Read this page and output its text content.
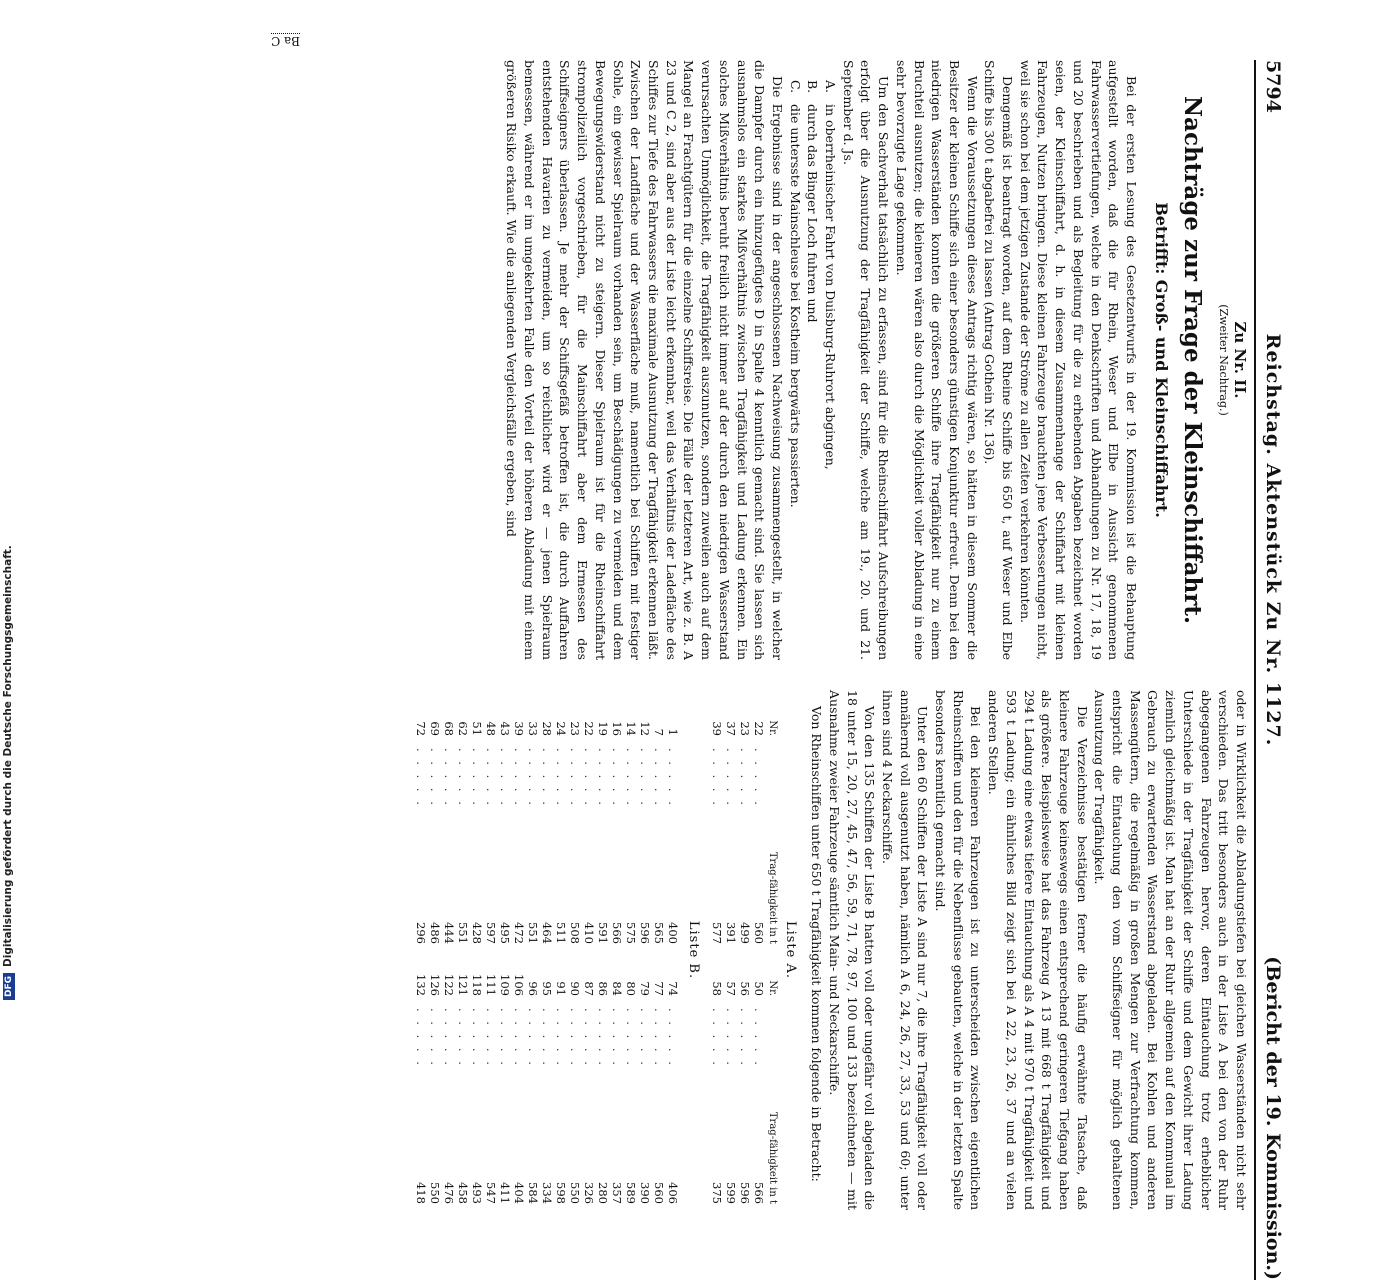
5794
Reichstag. Aktenstück Zu Nr. 1127.
(Bericht der 19. Kommission.)
Zu Nr. II.
(Zweiter Nachtrag.)
Nachträge zur Frage der Kleinschiffahrt.
Betrifft: Groß- und Kleinschiffahrt.

Bei der ersten Lesung des Gesetzentwurfs in der 19. Kommission ist die Behauptung aufgestellt worden, daß die für Rhein, Weser und Elbe in Aussicht genommenen Fahrwasservertiefungen, welche in den Denkschriften und Abhandlungen zu Nr. 17, 18, 19 und 20 beschrieben und als Begleitung für die zu erhebenden Abgaben bezeichnet worden seien, der Kleinschiffahrt, d. h. in diesem Zusammenhange der Schiffahrt mit kleinen Fahrzeugen, Nutzen bringen. Diese kleinen Fahrzeuge brauchten jene Verbesserungen nicht, weil sie schon bei dem jetzigen Zustande der Ströme zu allen Zeiten verkehren könnten.

Demgemäß ist beantragt worden, auf dem Rheine Schiffe bis 650 t, auf Weser und Elbe Schiffe bis 300 t abgabefrei zu lassen (Antrag Gothein Nr. 136).

Wenn die Voraussetzungen dieses Antrags richtig wären, so hätten in diesem Sommer die Besitzer der kleinen Schiffe sich einer besonders günstigen Konjunktur erfreut. Denn bei den niedrigen Wasserständen konnten die größeren Schiffe ihre Tragfähigkeit nur zu einem Bruchteil ausnutzen; die kleineren wären also durch die Möglichkeit voller Abladung in eine sehr bevorzugte Lage gekommen.

Um den Sachverhalt tatsächlich zu erfassen, sind für die Rheinschiffahrt Aufschreibungen erfolgt über die Ausnutzung der Tragfähigkeit der Schiffe, welche am 19., 20. und 21. September d. Js.

A.
in oberrheinischer Fahrt von Duisburg-Ruhrort abgingen,
B.
durch das Binger Loch fuhren und
C.
die untersste Mainschleuse bei Kostheim bergwärts passierten.

Die Ergebnisse sind in der angeschlossenen Nachweisung zusammengestellt, in welcher die Dampfer durch ein hinzugefügtes D in Spalte 4 kenntlich gemacht sind. Sie lassen sich ausnahmslos ein starkes Mißverhältnis zwischen Tragfähigkeit und Ladung erkennen. Ein solches Mißverhältnis beruht freilich nicht immer auf der durch den niedrigen Wasserstand verursachten Unmöglichkeit, die Tragfähigkeit auszunutzen, sondern zuweilen auch auf dem Mangel an Frachtgütern für die einzelne Schiffsreise. Die Fälle der letzteren Art, wie z. B. A 23 und C 2, sind aber aus der Liste leicht erkennbar, weil das Verhältnis der Ladefläche des Schiffes zur Tiefe des Fahrwassers die maximale Ausnutzung der Tragfähigkeit erkennen läßt. Zwischen der Landfläche und der Wasserfläche muß, namentlich bei Schiffen mit festiger Sohle, ein gewisser Spielraum vorhanden sein, um Beschädigungen zu vermeiden und dem Bewegungswiderstand nicht zu steigern. Dieser Spielraum ist für die Rheinschiffahrt strompolizeilich vorgeschrieben, für die Mainschiffahrt aber dem Ermessen des Schiffseigners überlassen. Je mehr der Schiffsgefäß betroffen ist, die durch Auffahren entstehenden Havarien zu vermeiden, um so reichlicher wird er — jenen Spielraum bemessen, während er im umgekehrten Falle den Vorteil der höheren Abladung mit einem größeren Risiko erkauft. Wie die anliegenden Vergleichsfälle ergeben, sind

oder in Wirklichkeit die Abladungstiefen bei gleichen Wasserständen nicht sehr verschieden. Das tritt besonders auch in der Liste A bei den von der Ruhr abgegangenen Fahrzeugen hervor, deren Eintauchung trotz erheblicher Unterschiede in der Tragfähigkeit der Schiffe und dem Gewicht ihrer Ladung ziemlich gleichmäßig ist. Man hat an der Ruhr allgemein auf den Kommunal im Gebrauch zu erwartenden Wasserstand abgeladen. Bei Kohlen und anderen Massengütern, die regelmäßig in großen Mengen zur Verfrachtung kommen, entspricht die Eintauchung den vom Schiffseigner für möglich gehaltenen Ausnutzung der Tragfähigkeit.

Die Verzeichnisse bestätigen ferner die häufig erwähnte Tatsache, daß kleinere Fahrzeuge keineswegs einen entsprechend geringeren Tiefgang haben als größere. Beispielsweise hat das Fahrzeug A 13 mit 668 t Tragfähigkeit und 294 t Ladung eine etwas tiefere Eintauchung als A 4 mit 970 t Tragfähigkeit und 593 t Ladung; ein ähnliches Bild zeigt sich bei A 22, 23, 26, 37 und an vielen anderen Stellen.

Bei den kleineren Fahrzeugen ist zu unterscheiden zwischen eigentlichen Rheinschiffen und den für die Nebenflüsse gebauten, welche in der letzten Spalte besonders kenntlich gemacht sind.

Unter den 60 Schiffen der Liste A sind nur 7, die ihre Tragfähigkeit voll oder annähernd voll ausgenutzt haben, nämlich A 6, 24, 26, 27, 33, 53 und 60; unter ihnen sind 4 Neckarschiffe.

Von den 135 Schiffen der Liste B hatten voll oder ungefähr voll abgeladen die 18 unter 15, 20, 27, 45, 47, 56, 59, 71, 78, 97, 100 und 133 bezeichneten — mit Ausnahme zweier Fahrzeuge sämtlich Main- und Neckarschiffe.

Von Rheinschiffen unter 650 t Tragfähigkeit kommen folgende in Betracht:

Liste A.
Nr.		Trag-fähigkeit in t	Nr.		Trag-fähigkeit in t
22	. . . . .	560	50	. . . . .	566
23	. . . . .	499	56	. . . . .	596
37	. . . . .	391	57	. . . . .	599
39	. . . . .	577	58	. . . . .	375
Liste B.
1	. . . . .	400	74	. . . . .	406
7	. . . . .	565	77	. . . . .	560
12	. . . . .	596	79	. . . . .	390
14	. . . . .	575	80	. . . . .	589
16	. . . . .	566	84	. . . . .	357
19	. . . . .	591	86	. . . . .	280
22	. . . . .	410	87	. . . . .	326
23	. . . . .	508	90	. . . . .	550
24	. . . . .	511	91	. . . . .	598
28	. . . . .	464	95	. . . . .	334
33	. . . . .	551	96	. . . . .	584
39	. . . . .	472	106	. . . . .	404
43	. . . . .	495	109	. . . . .	411
48	. . . . .	597	111	. . . . .	547
51	. . . . .	428	118	. . . . .	493
62	. . . . .	551	121	. . . . .	458
68	. . . . .	444	122	. . . . .	476
69	. . . . .	486	126	. . . . .	550
72	. . . . .	296	132	. . . . .	418
Ba C
DFGDigitalisierung gefördert durch die Deutsche Forschungsgemeinschaft.
